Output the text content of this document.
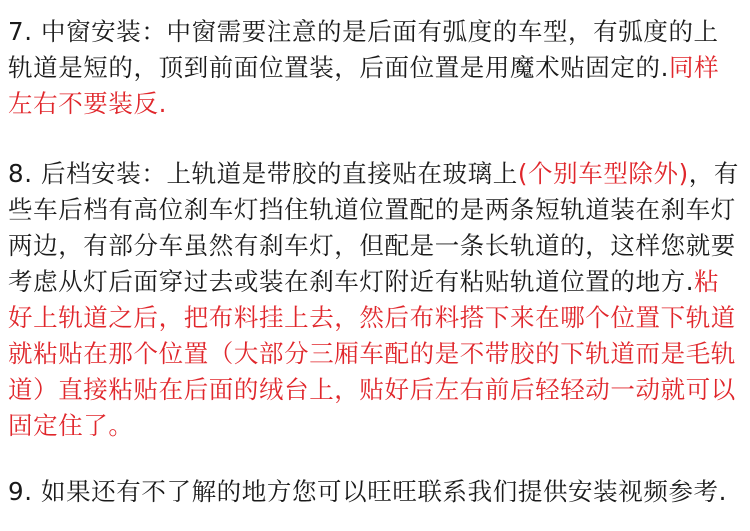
7. 中窗安装：中窗需要注意的是后面有弧度的车型，有弧度的上轨道是短的，顶到前面位置装，后面位置是用魔术贴固定的.同样左右不要装反.
8. 后档安装：上轨道是带胶的直接贴在玻璃上(个别车型除外)，有些车后档有高位刹车灯挡住轨道位置配的是两条短轨道装在刹车灯两边，有部分车虽然有刹车灯，但配是一条长轨道的，这样您就要考虑从灯后面穿过去或装在刹车灯附近有粘贴轨道位置的地方.粘好上轨道之后，把布料挂上去，然后布料搭下来在哪个位置下轨道就粘贴在那个位置（大部分三厢车配的是不带胶的下轨道而是毛轨道）直接粘贴在后面的绒台上，贴好后左右前后轻轻动一动就可以固定住了。
9. 如果还有不了解的地方您可以旺旺联系我们提供安装视频参考.
